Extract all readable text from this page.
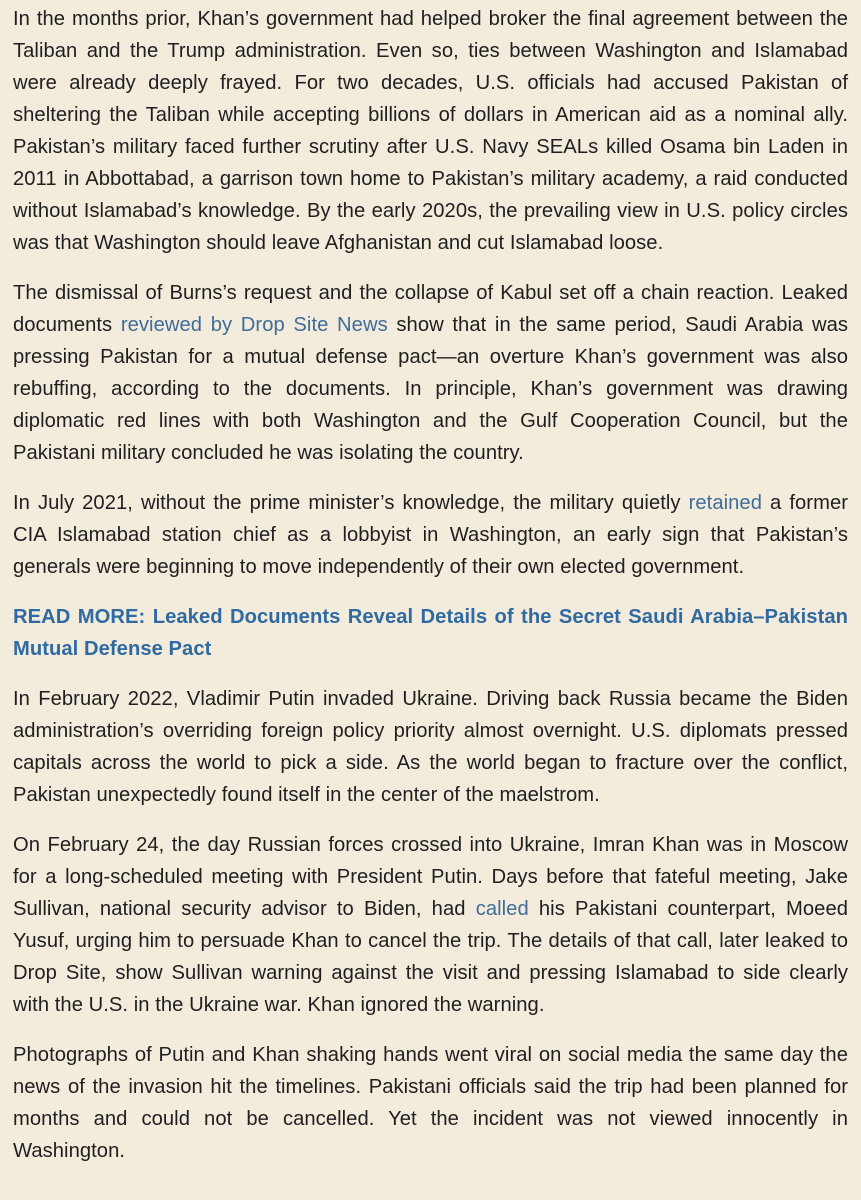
In the months prior, Khan’s government had helped broker the final agreement between the Taliban and the Trump administration. Even so, ties between Washington and Islamabad were already deeply frayed. For two decades, U.S. officials had accused Pakistan of sheltering the Taliban while accepting billions of dollars in American aid as a nominal ally. Pakistan’s military faced further scrutiny after U.S. Navy SEALs killed Osama bin Laden in 2011 in Abbottabad, a garrison town home to Pakistan’s military academy, a raid conducted without Islamabad’s knowledge. By the early 2020s, the prevailing view in U.S. policy circles was that Washington should leave Afghanistan and cut Islamabad loose.

The dismissal of Burns’s request and the collapse of Kabul set off a chain reaction. Leaked documents reviewed by Drop Site News show that in the same period, Saudi Arabia was pressing Pakistan for a mutual defense pact—an overture Khan’s government was also rebuffing, according to the documents. In principle, Khan’s government was drawing diplomatic red lines with both Washington and the Gulf Cooperation Council, but the Pakistani military concluded he was isolating the country.

In July 2021, without the prime minister’s knowledge, the military quietly retained a former CIA Islamabad station chief as a lobbyist in Washington, an early sign that Pakistan’s generals were beginning to move independently of their own elected government.

READ MORE: Leaked Documents Reveal Details of the Secret Saudi Arabia–Pakistan Mutual Defense Pact

In February 2022, Vladimir Putin invaded Ukraine. Driving back Russia became the Biden administration’s overriding foreign policy priority almost overnight. U.S. diplomats pressed capitals across the world to pick a side. As the world began to fracture over the conflict, Pakistan unexpectedly found itself in the center of the maelstrom.

On February 24, the day Russian forces crossed into Ukraine, Imran Khan was in Moscow for a long-scheduled meeting with President Putin. Days before that fateful meeting, Jake Sullivan, national security advisor to Biden, had called his Pakistani counterpart, Moeed Yusuf, urging him to persuade Khan to cancel the trip. The details of that call, later leaked to Drop Site, show Sullivan warning against the visit and pressing Islamabad to side clearly with the U.S. in the Ukraine war. Khan ignored the warning.

Photographs of Putin and Khan shaking hands went viral on social media the same day the news of the invasion hit the timelines. Pakistani officials said the trip had been planned for months and could not be cancelled. Yet the incident was not viewed innocently in Washington.
